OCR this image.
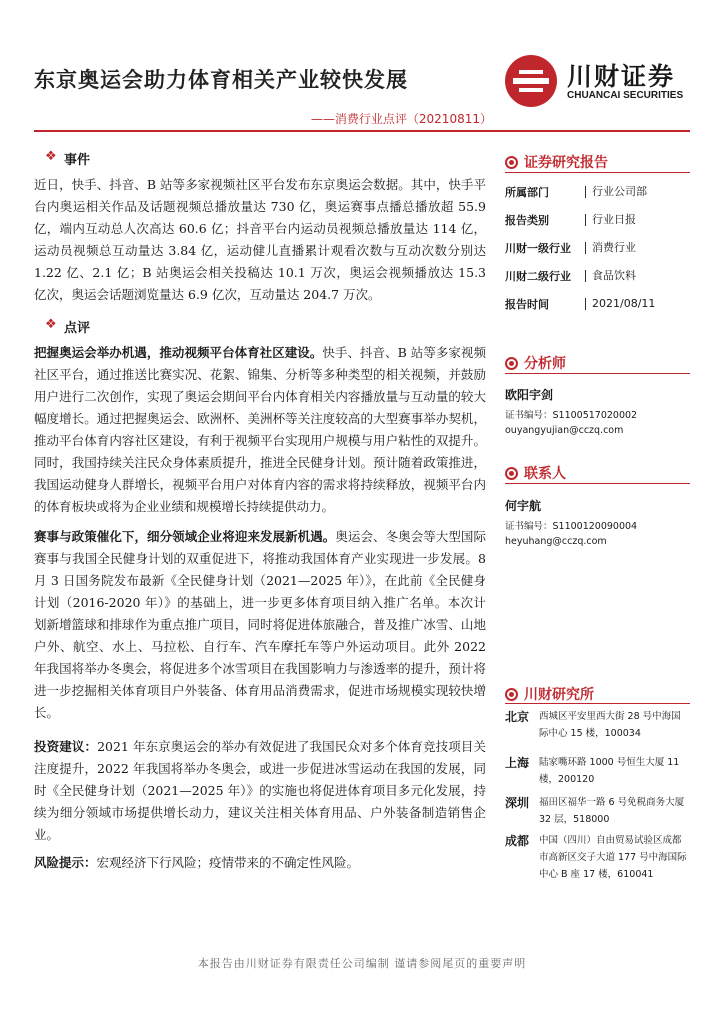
东京奥运会助力体育相关产业较快发展
——消费行业点评（20210811）
川财证券
CHUANCAI SECURITIES
❖
事件

近日，快手、抖音、B 站等多家视频社区平台发布东京奥运会数据。其中，快手平台内奥运相关作品及话题视频总播放量达 730 亿，奥运赛事点播总播放超 55.9 亿，端内互动总人次高达 60.6 亿；抖音平台内运动员视频总播放量达 114 亿，运动员视频总互动量达 3.84 亿，运动健儿直播累计观看次数与互动次数分别达 1.22 亿、2.1 亿；B 站奥运会相关投稿达 10.1 万次，奥运会视频播放达 15.3 亿次，奥运会话题浏览量达 6.9 亿次，互动量达 204.7 万次。

❖
点评

把握奥运会举办机遇，推动视频平台体育社区建设。快手、抖音、B 站等多家视频社区平台，通过推送比赛实况、花絮、锦集、分析等多种类型的相关视频，并鼓励用户进行二次创作，实现了奥运会期间平台内体育相关内容播放量与互动量的较大幅度增长。通过把握奥运会、欧洲杯、美洲杯等关注度较高的大型赛事举办契机，推动平台体育内容社区建设，有利于视频平台实现用户规模与用户粘性的双提升。同时，我国持续关注民众身体素质提升，推进全民健身计划。预计随着政策推进，我国运动健身人群增长，视频平台用户对体育内容的需求将持续释放，视频平台内的体育板块或将为企业业绩和规模增长持续提供动力。

赛事与政策催化下，细分领域企业将迎来发展新机遇。奥运会、冬奥会等大型国际赛事与我国全民健身计划的双重促进下，将推动我国体育产业实现进一步发展。8 月 3 日国务院发布最新《全民健身计划（2021—2025 年）》，在此前《全民健身计划（2016-2020 年）》的基础上，进一步更多体育项目纳入推广名单。本次计划新增篮球和排球作为重点推广项目，同时将促进体旅融合，普及推广冰雪、山地户外、航空、水上、马拉松、自行车、汽车摩托车等户外运动项目。此外 2022 年我国将举办冬奥会，将促进多个冰雪项目在我国影响力与渗透率的提升，预计将进一步挖掘相关体育项目户外装备、体育用品消费需求，促进市场规模实现较快增长。

投资建议：2021 年东京奥运会的举办有效促进了我国民众对多个体育竞技项目关注度提升，2022 年我国将举办冬奥会，或进一步促进冰雪运动在我国的发展，同时《全民健身计划（2021—2025 年）》的实施也将促进体育项目多元化发展，持续为细分领域市场提供增长动力，建议关注相关体育用品、户外装备制造销售企业。

风险提示：宏观经济下行风险；疫情带来的不确定性风险。

证券研究报告
所属部门	行业公司部
报告类别	行业日报
川财一级行业	消费行业
川财二级行业	食品饮料
报告时间	2021/08/11
分析师
欧阳宇剑
证书编号：S1100517020002
ouyangyujian@cczq.com
联系人
何宇航
证书编号：S1100120090004
heyuhang@cczq.com
川财研究所
北京	西城区平安里西大街 28 号中海国际中心 15 楼，100034
上海	陆家嘴环路 1000 号恒生大厦 11 楼，200120
深圳	福田区福华一路 6 号免税商务大厦 32 层，518000
成都	中国（四川）自由贸易试验区成都市高新区交子大道 177 号中海国际中心 B 座 17 楼，610041
本报告由川财证券有限责任公司编制 谨请参阅尾页的重要声明
